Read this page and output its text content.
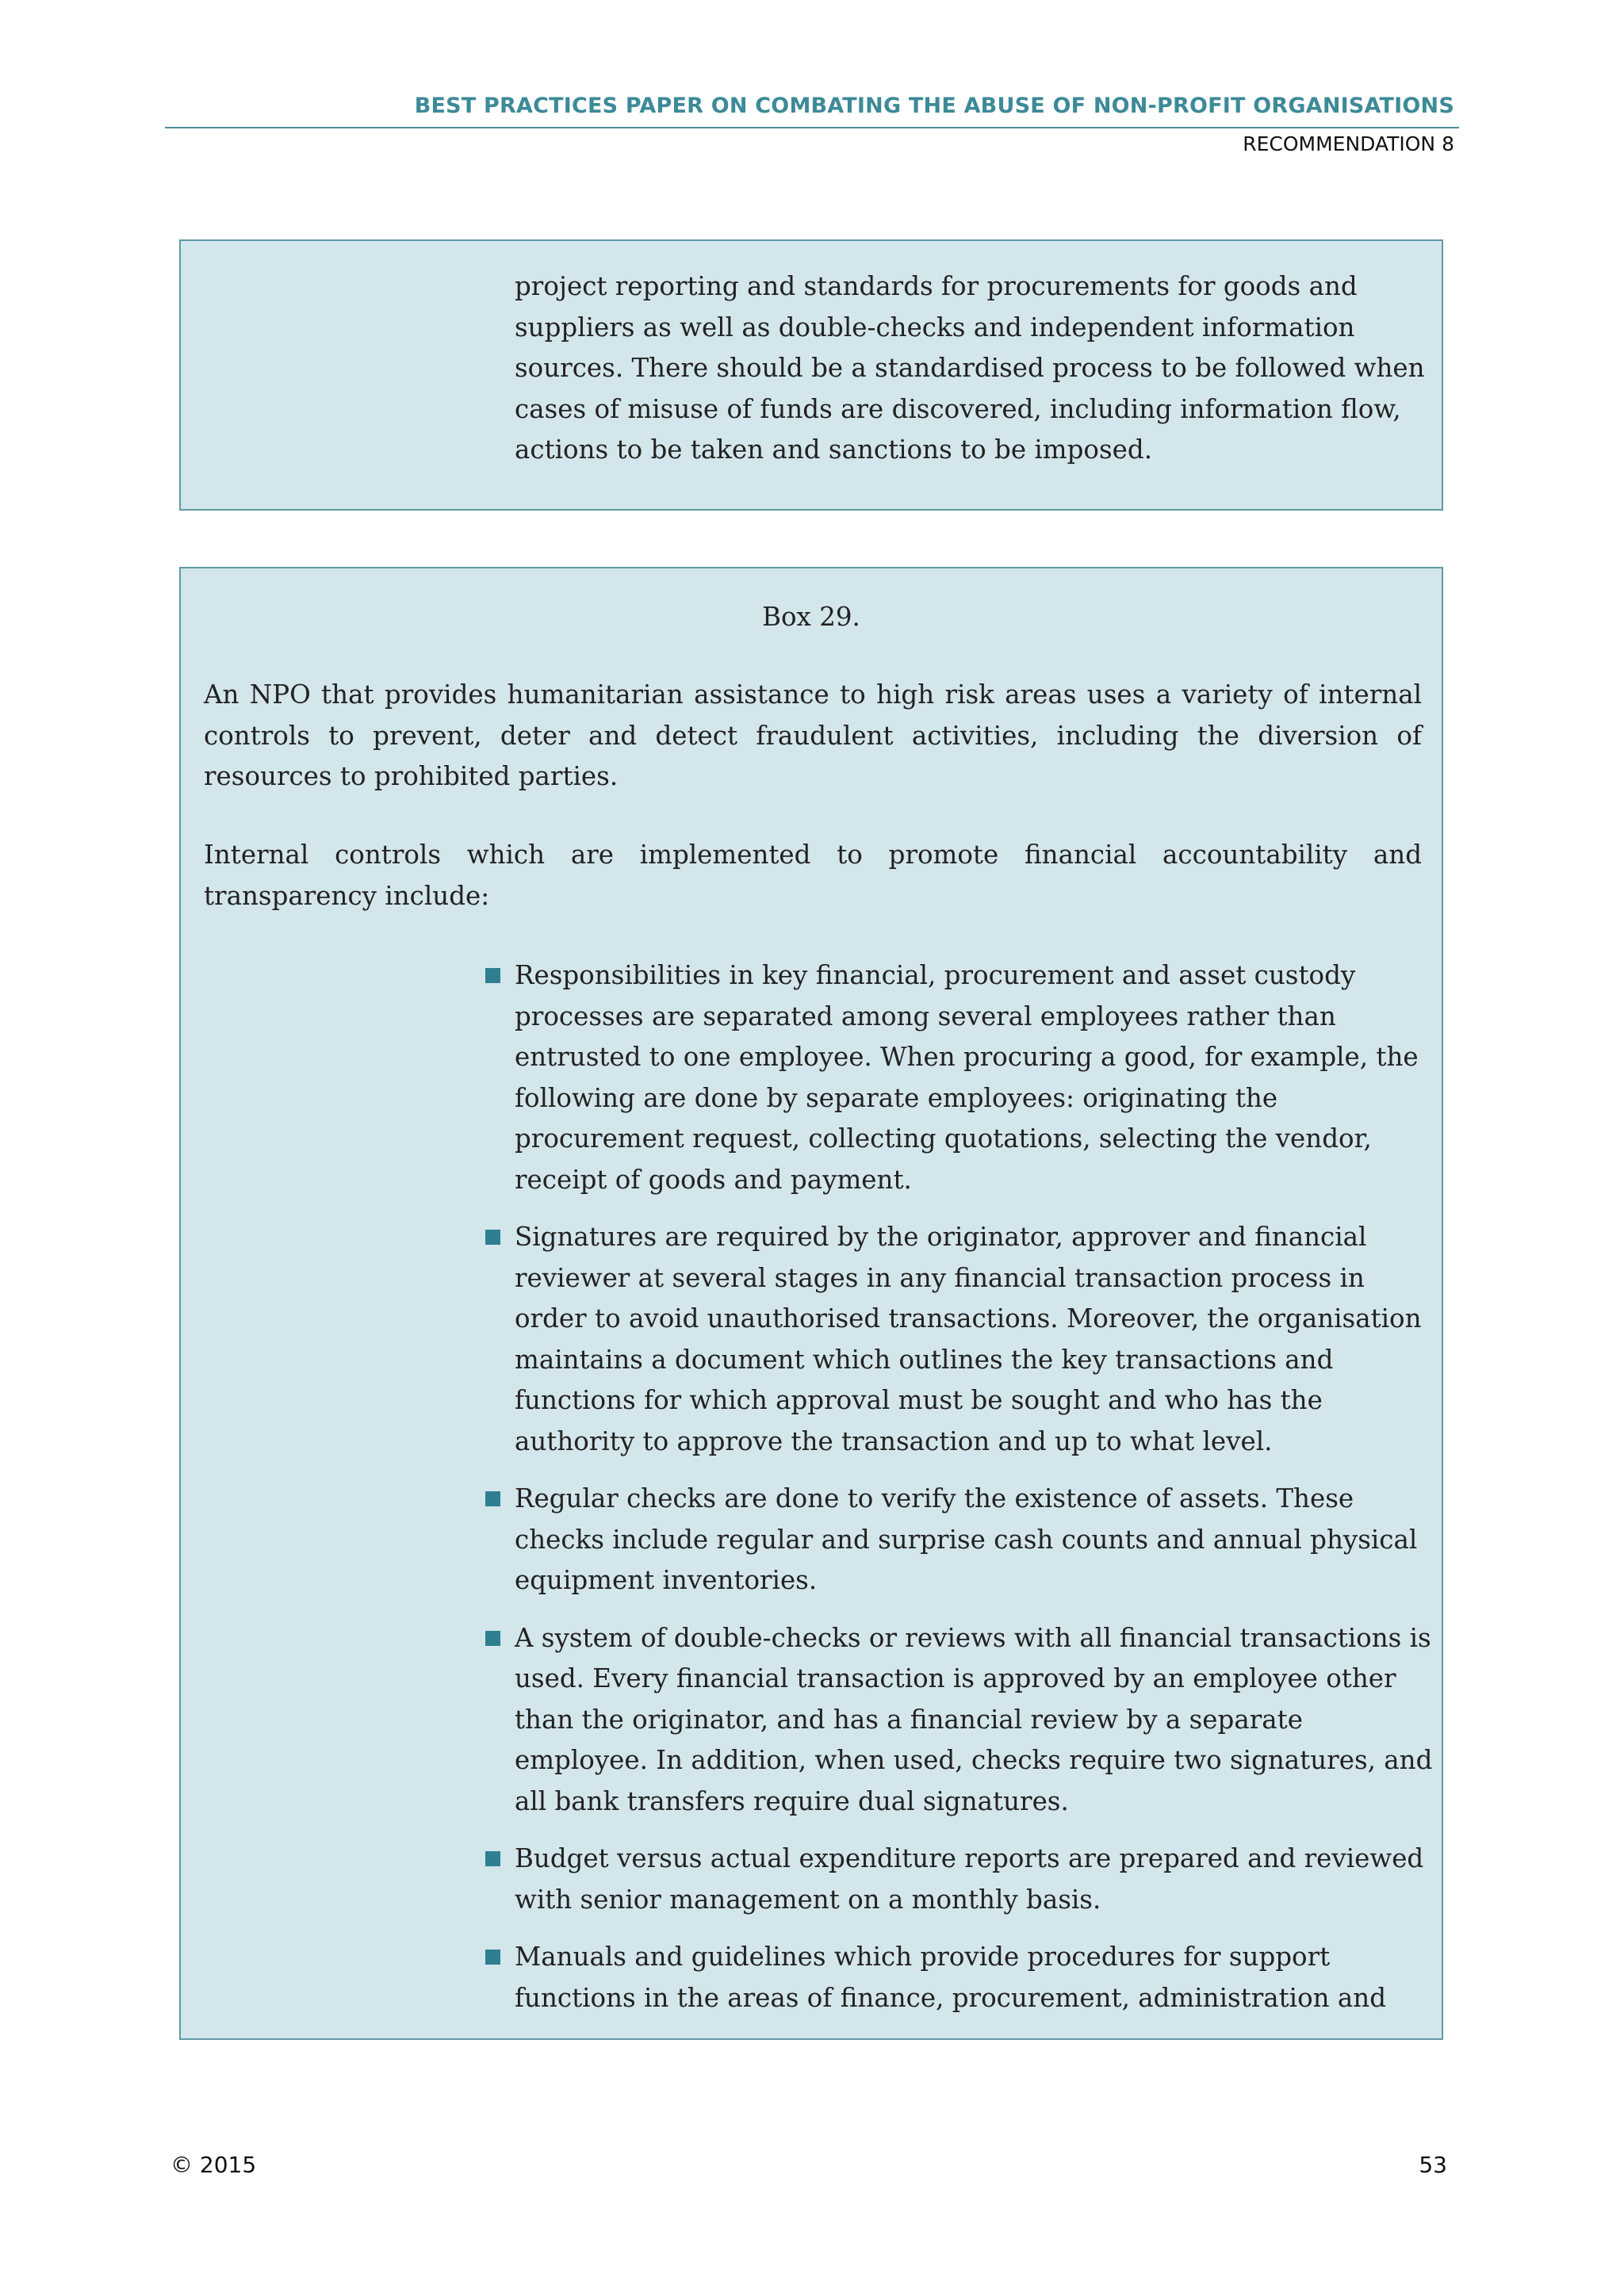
BEST PRACTICES PAPER ON COMBATING THE ABUSE OF NON-PROFIT ORGANISATIONS
RECOMMENDATION 8
project reporting and standards for procurements for goods and suppliers as well as double-checks and independent information sources. There should be a standardised process to be followed when cases of misuse of funds are discovered, including information flow, actions to be taken and sanctions to be imposed.
Box 29.
An NPO that provides humanitarian assistance to high risk areas uses a variety of internal controls to prevent, deter and detect fraudulent activities, including the diversion of resources to prohibited parties.
Internal controls which are implemented to promote financial accountability and transparency include:
Responsibilities in key financial, procurement and asset custody processes are separated among several employees rather than entrusted to one employee. When procuring a good, for example, the following are done by separate employees: originating the procurement request, collecting quotations, selecting the vendor, receipt of goods and payment.
Signatures are required by the originator, approver and financial reviewer at several stages in any financial transaction process in order to avoid unauthorised transactions. Moreover, the organisation maintains a document which outlines the key transactions and functions for which approval must be sought and who has the authority to approve the transaction and up to what level.
Regular checks are done to verify the existence of assets. These checks include regular and surprise cash counts and annual physical equipment inventories.
A system of double-checks or reviews with all financial transactions is used. Every financial transaction is approved by an employee other than the originator, and has a financial review by a separate employee. In addition, when used, checks require two signatures, and all bank transfers require dual signatures.
Budget versus actual expenditure reports are prepared and reviewed with senior management on a monthly basis.
Manuals and guidelines which provide procedures for support functions in the areas of finance, procurement, administration and
© 2015	53
